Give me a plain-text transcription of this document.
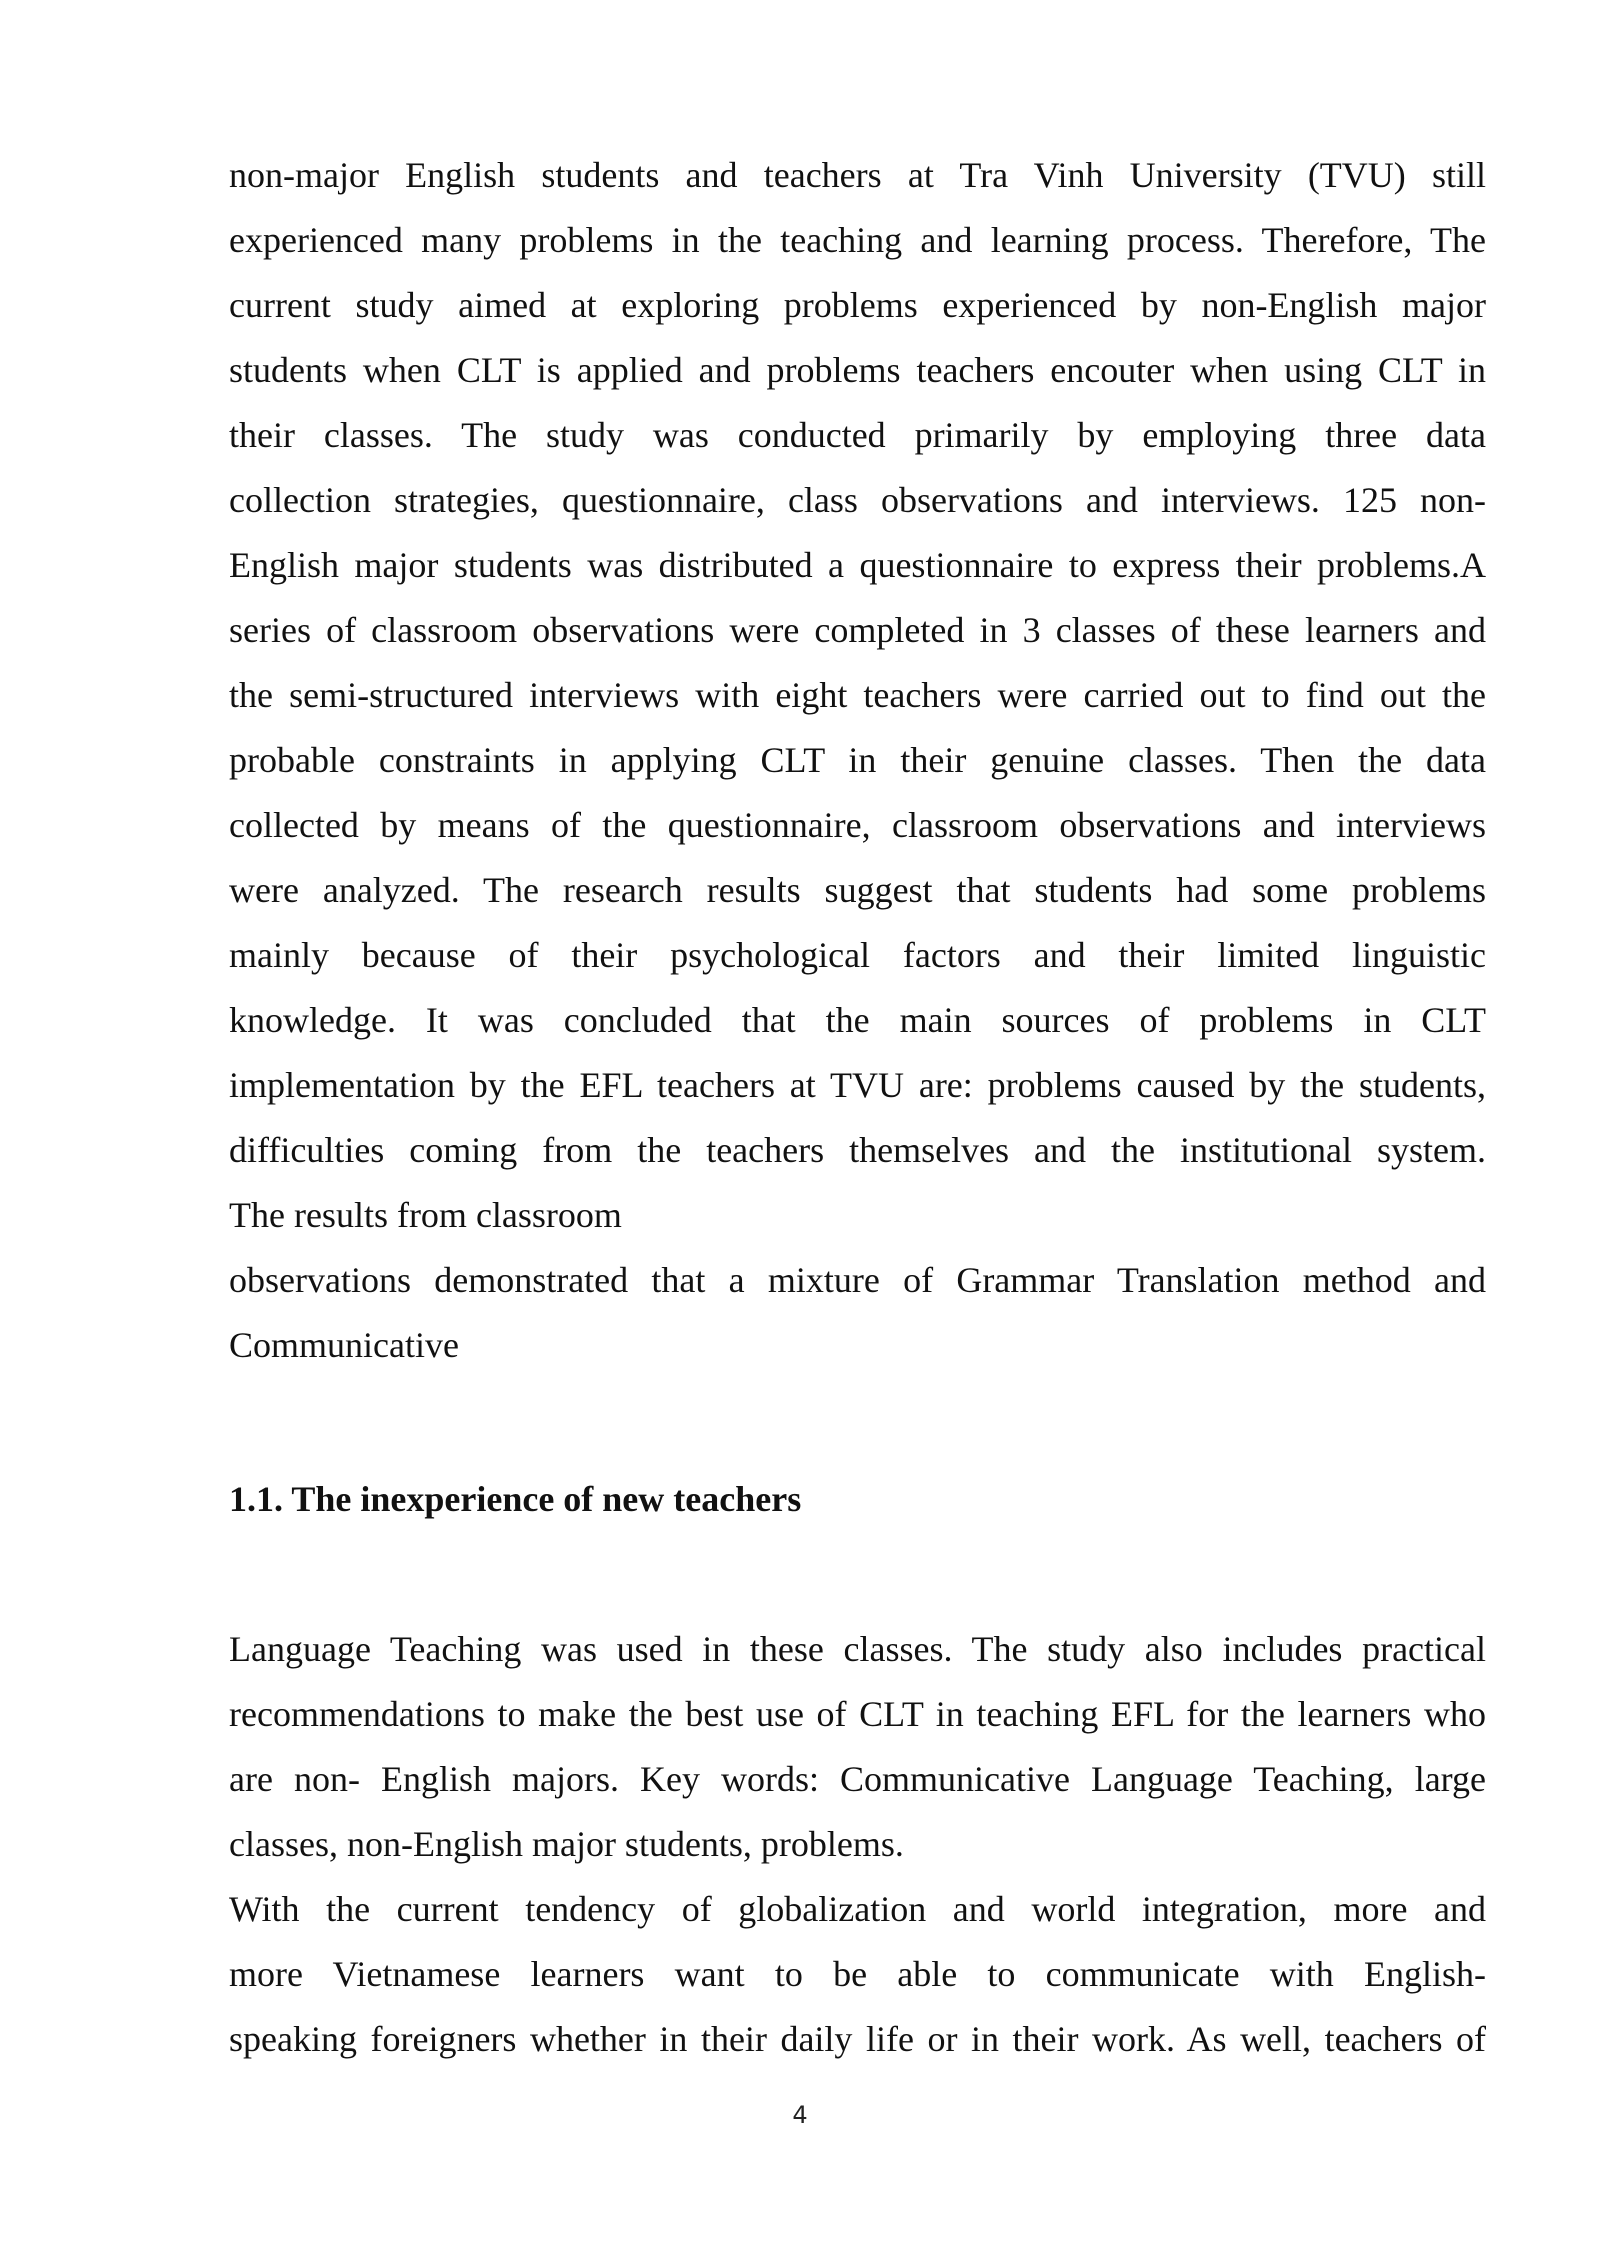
non-major English students and teachers at Tra Vinh University (TVU) still
experienced many problems in the teaching and learning process. Therefore, The
current study aimed at exploring problems experienced by non-English major
students when CLT is applied and problems teachers encouter when using CLT in
their classes. The study was conducted primarily by employing three data
collection strategies, questionnaire, class observations and interviews. 125 non-
English major students was distributed a questionnaire to express their problems.A
series of classroom observations were completed in 3 classes of these learners and
the semi-structured interviews with eight teachers were carried out to find out the
probable constraints in applying CLT in their genuine classes. Then the data
collected by means of the questionnaire, classroom observations and interviews
were analyzed. The research results suggest that students had some problems
mainly because of their psychological factors and their limited linguistic
knowledge. It was concluded that the main sources of problems in CLT
implementation by the EFL teachers at TVU are: problems caused by the students,
difficulties coming from the teachers themselves and the institutional system.
The results from classroom
observations demonstrated that a mixture of Grammar Translation method and
Communicative
1.1. The inexperience of new teachers
Language Teaching was used in these classes. The study also includes practical
recommendations to make the best use of CLT in teaching EFL for the learners who
are non- English majors. Key words: Communicative Language Teaching, large
classes, non-English major students, problems.
With the current tendency of globalization and world integration, more and
more Vietnamese learners want to be able to communicate with English-
speaking foreigners whether in their daily life or in their work. As well, teachers of
4
